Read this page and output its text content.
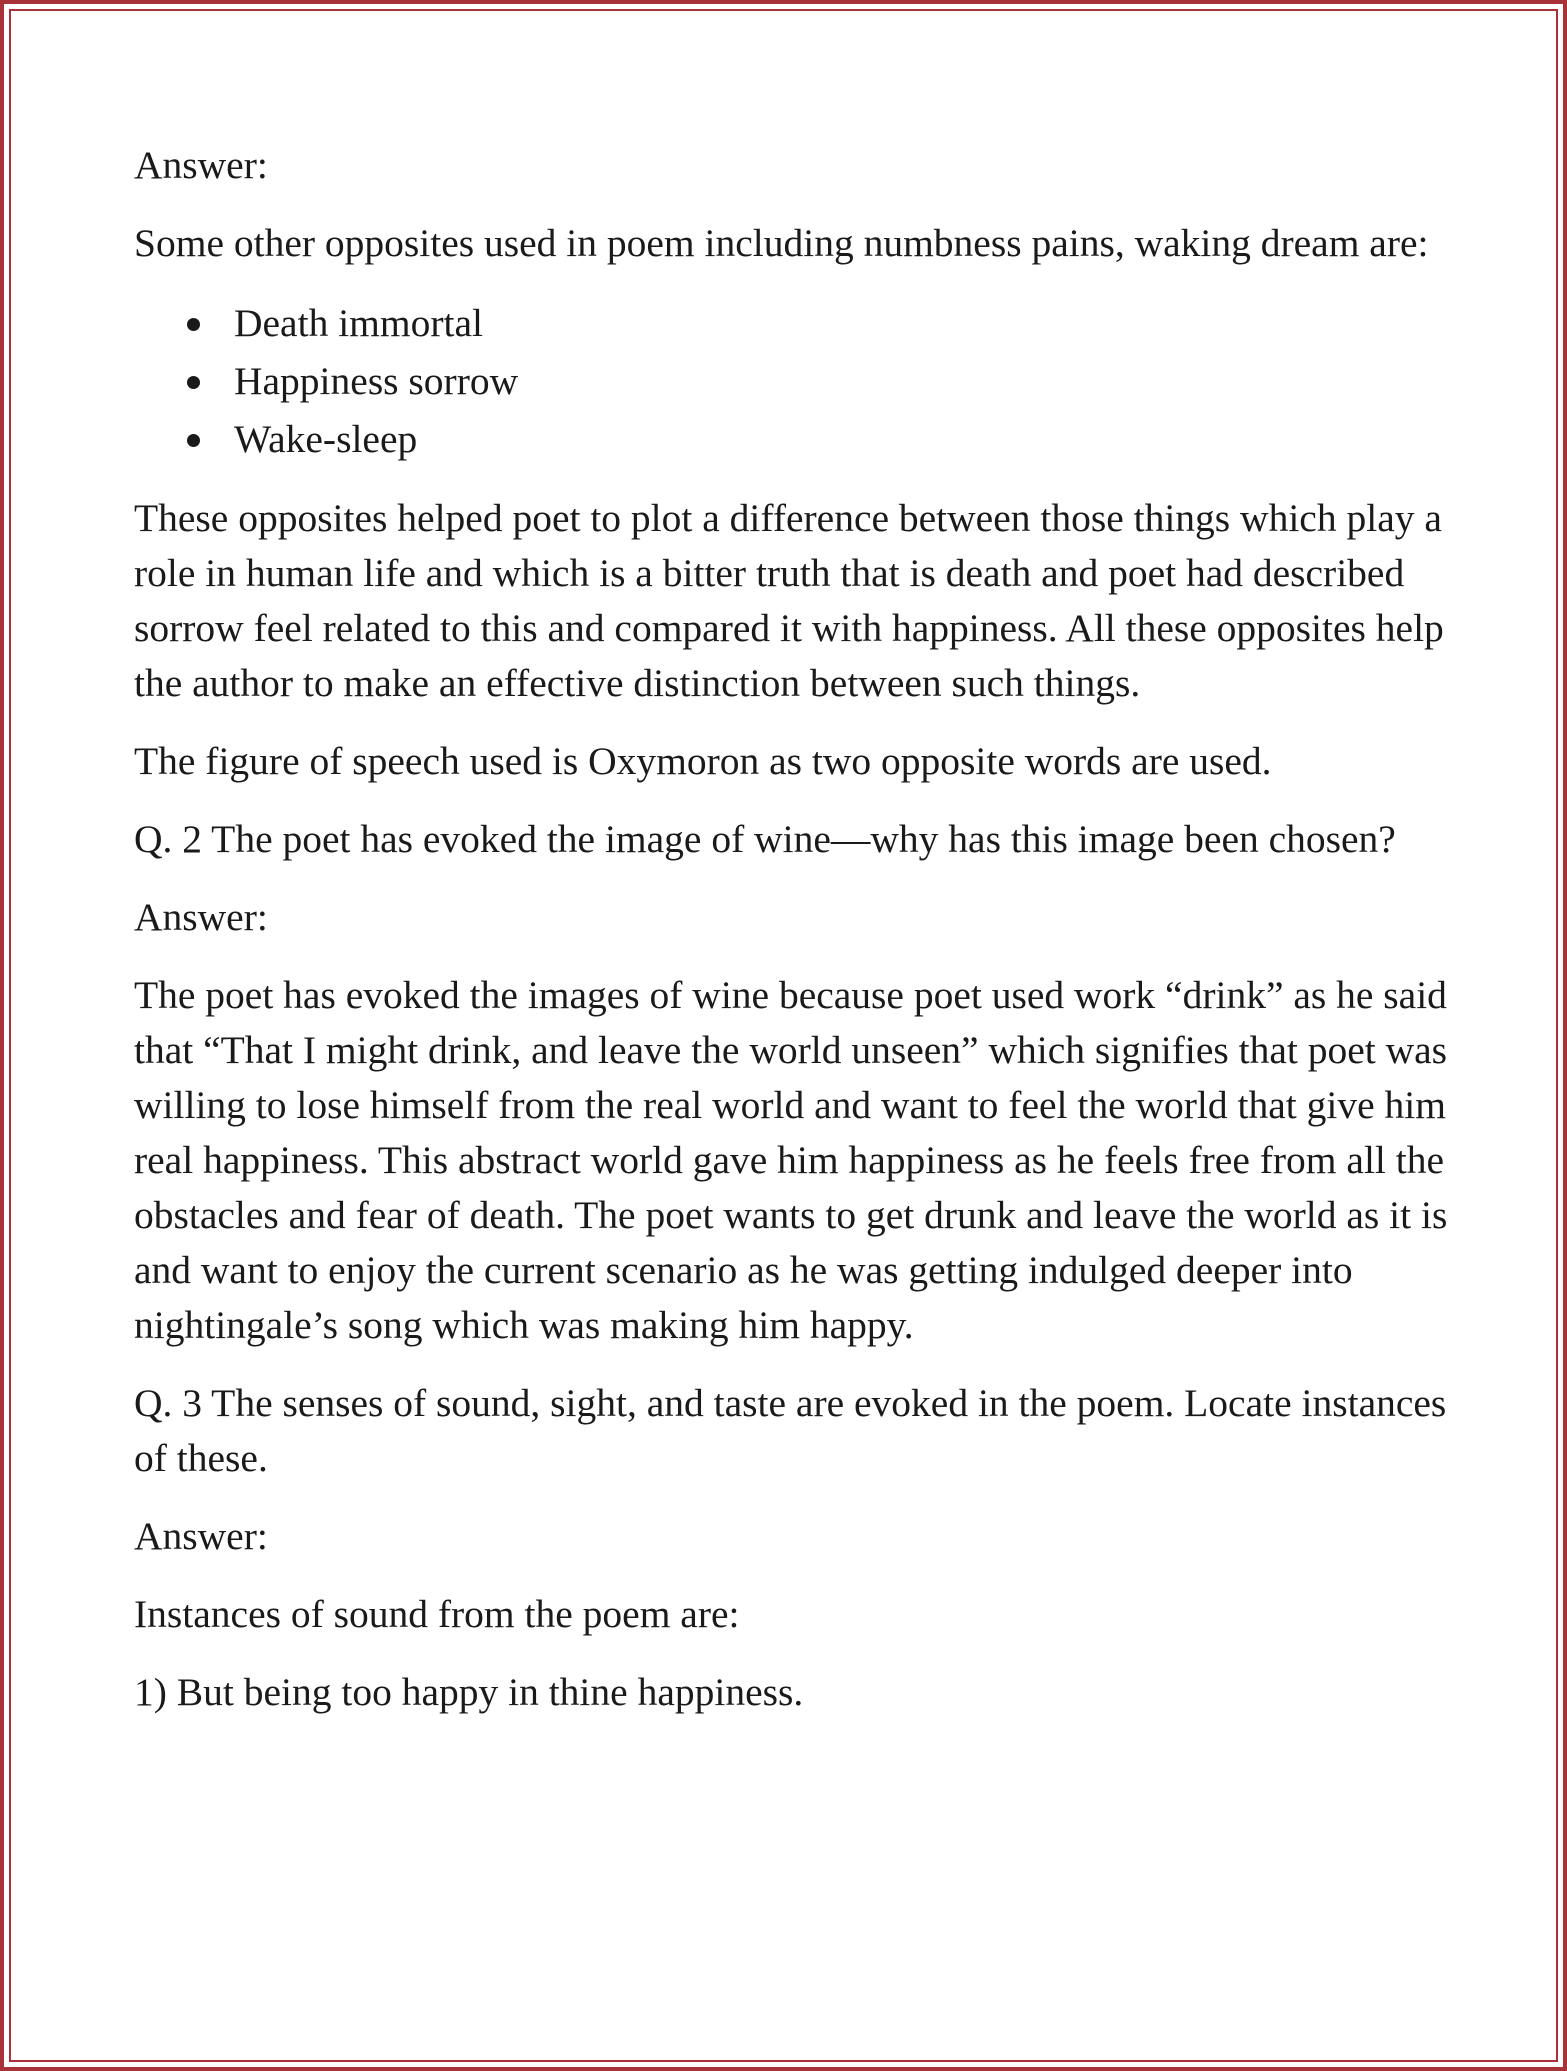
Answer:

Some other opposites used in poem including numbness pains, waking dream are:

Death immortal
Happiness sorrow
Wake-sleep

These opposites helped poet to plot a difference between those things which play a role in human life and which is a bitter truth that is death and poet had described sorrow feel related to this and compared it with happiness. All these opposites help the author to make an effective distinction between such things.

The figure of speech used is Oxymoron as two opposite words are used.

Q. 2 The poet has evoked the image of wine—why has this image been chosen?

Answer:

The poet has evoked the images of wine because poet used work “drink” as he said that “That I might drink, and leave the world unseen” which signifies that poet was willing to lose himself from the real world and want to feel the world that give him real happiness. This abstract world gave him happiness as he feels free from all the obstacles and fear of death. The poet wants to get drunk and leave the world as it is and want to enjoy the current scenario as he was getting indulged deeper into nightingale’s song which was making him happy.

Q. 3 The senses of sound, sight, and taste are evoked in the poem. Locate instances of these.

Answer:

Instances of sound from the poem are:

1) But being too happy in thine happiness.
